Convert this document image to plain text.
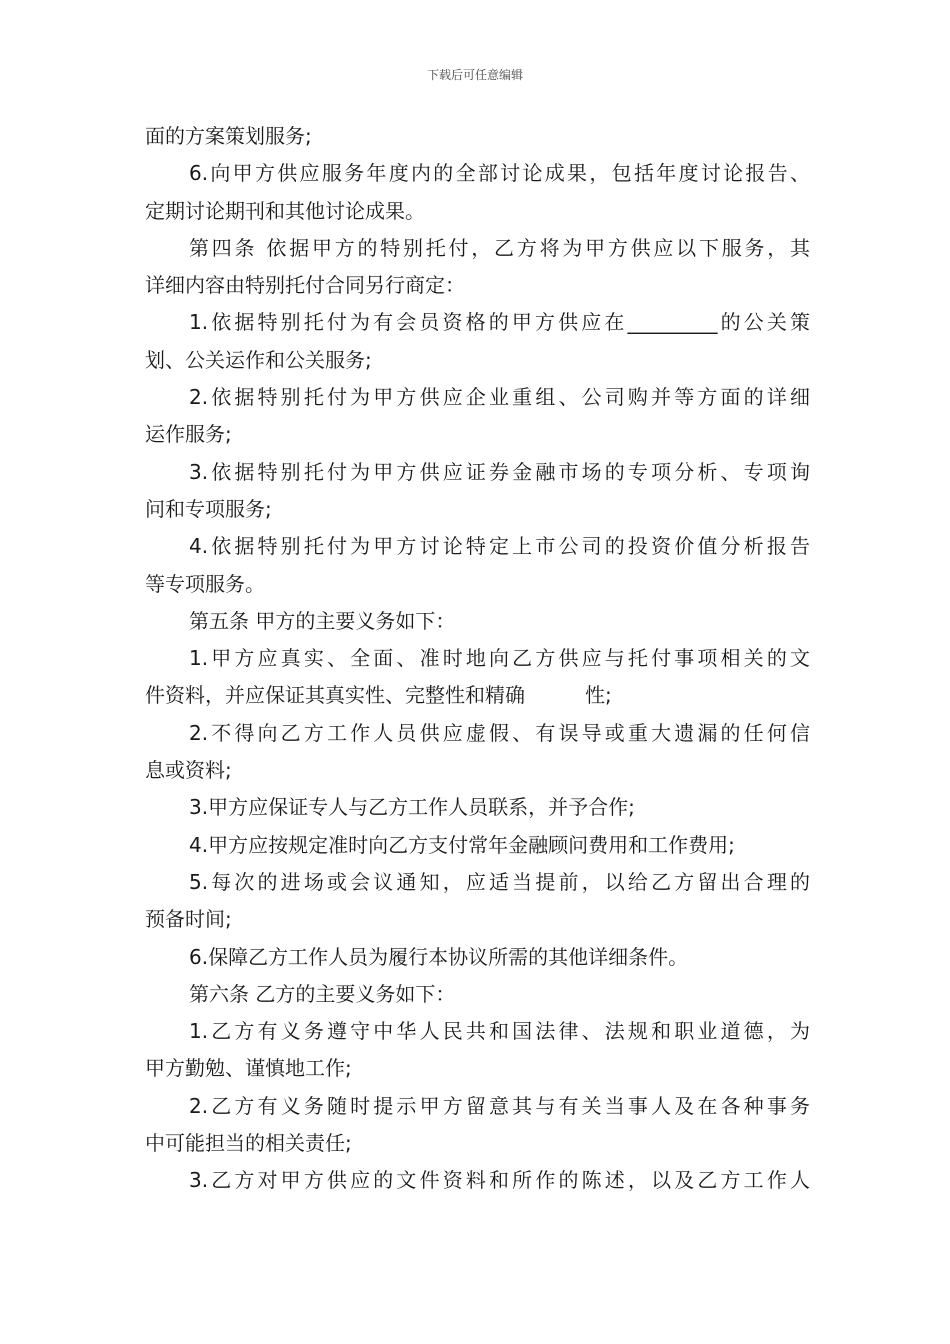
下载后可任意编辑
面的方案策划服务;
6.向甲方供应服务年度内的全部讨论成果，包括年度讨论报告、
定期讨论期刊和其他讨论成果。
第四条 依据甲方的特别托付，乙方将为甲方供应以下服务，其
详细内容由特别托付合同另行商定：
1.依据特别托付为有会员资格的甲方供应在_________的公关策
划、公关运作和公关服务;
2.依据特别托付为甲方供应企业重组、公司购并等方面的详细
运作服务;
3.依据特别托付为甲方供应证券金融市场的专项分析、专项询
问和专项服务;
4.依据特别托付为甲方讨论特定上市公司的投资价值分析报告
等专项服务。
第五条 甲方的主要义务如下：
1.甲方应真实、全面、准时地向乙方供应与托付事项相关的文
件资料，并应保证其真实性、完整性和精确　　　性;
2.不得向乙方工作人员供应虚假、有误导或重大遗漏的任何信
息或资料;
3.甲方应保证专人与乙方工作人员联系，并予合作;
4.甲方应按规定准时向乙方支付常年金融顾问费用和工作费用;
5.每次的进场或会议通知，应适当提前，以给乙方留出合理的
预备时间;
6.保障乙方工作人员为履行本协议所需的其他详细条件。
第六条 乙方的主要义务如下：
1.乙方有义务遵守中华人民共和国法律、法规和职业道德，为
甲方勤勉、谨慎地工作;
2.乙方有义务随时提示甲方留意其与有关当事人及在各种事务
中可能担当的相关责任;
3.乙方对甲方供应的文件资料和所作的陈述，以及乙方工作人
